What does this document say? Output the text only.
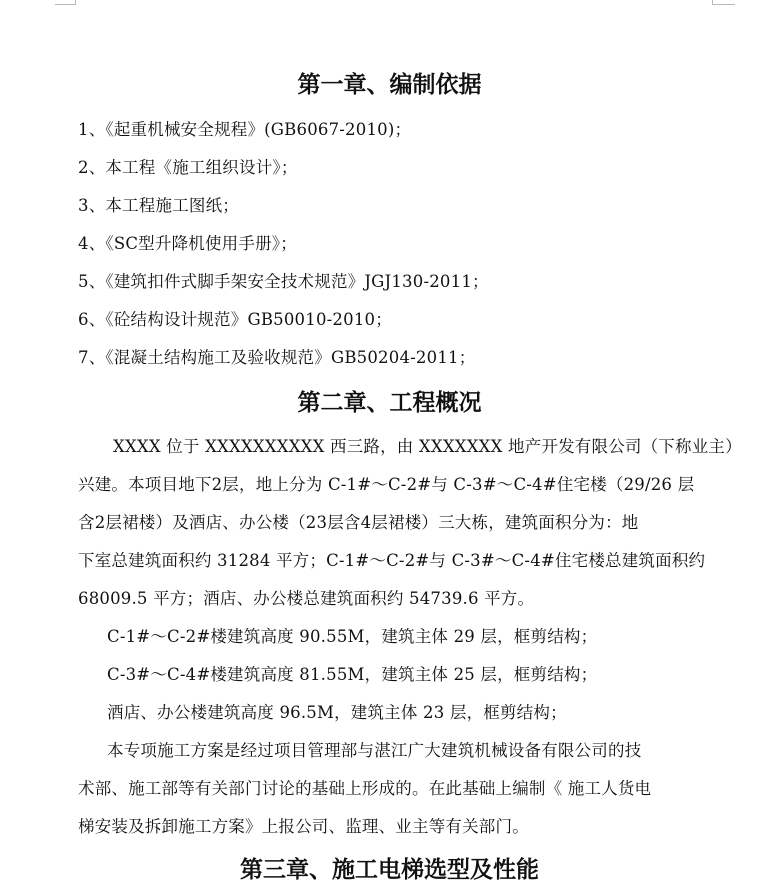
第一章、编制依据

1、《起重机械安全规程》(GB6067-2010)；

2、本工程《施工组织设计》；

3、本工程施工图纸；

4、《SC型升降机使用手册》；

5、《建筑扣件式脚手架安全技术规范》JGJ130-2011；

6、《砼结构设计规范》GB50010-2010；

7、《混凝土结构施工及验收规范》GB50204-2011；

第二章、工程概况

XXXX 位于 XXXXXXXXXX 西三路，由 XXXXXXX 地产开发有限公司（下称业主）

兴建。本项目地下2层，地上分为 C-1#～C-2#与 C-3#～C-4#住宅楼（29/26 层

含2层裙楼）及酒店、办公楼（23层含4层裙楼）三大栋，建筑面积分为：地

下室总建筑面积约 31284 平方；C-1#～C-2#与 C-3#～C-4#住宅楼总建筑面积约

68009.5 平方；酒店、办公楼总建筑面积约 54739.6 平方。

C-1#～C-2#楼建筑高度 90.55M，建筑主体 29 层，框剪结构；

C-3#～C-4#楼建筑高度 81.55M，建筑主体 25 层，框剪结构；

酒店、办公楼建筑高度 96.5M，建筑主体 23 层，框剪结构；

本专项施工方案是经过项目管理部与湛江广大建筑机械设备有限公司的技

术部、施工部等有关部门讨论的基础上形成的。在此基础上编制《 施工人货电

梯安装及拆卸施工方案》上报公司、监理、业主等有关部门。

第三章、施工电梯选型及性能
